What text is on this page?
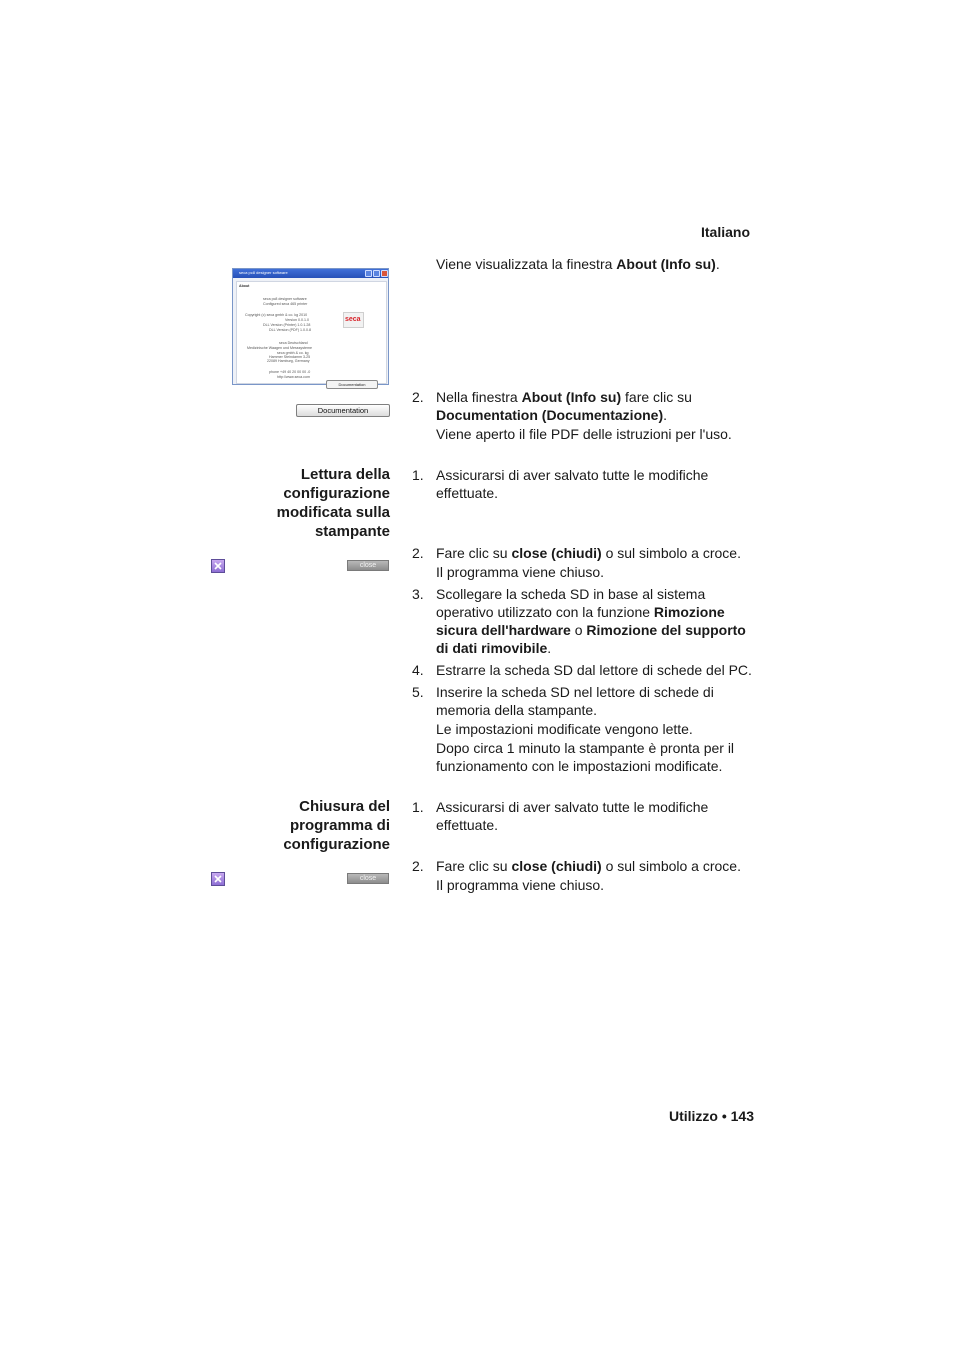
Italiano
seca pc8 designer software
About
seca pc8 designer software
Configured seca 465 printer
Copyright (c) seca gmbh & co. kg 2010
Version 0.0.1.0
DLL Version (Printer) 1.0.1.28
DLL Version (PDF) 1.0.0.8
seca Deutschland
Medizinische Waagen und Messsysteme
seca gmbh & co. kg
Hammer Steindamm 3-25
22089 Hamburg, Germany
phone +49 40 20 00 00 -0
http://www.seca.com
seca
Documentation
Documentation
Viene visualizzata la finestra About (Info su).
2. Nella finestra About (Info su) fare clic su
Documentation (Documentazione).
Viene aperto il file PDF delle istruzioni per l'uso.
Lettura della
configurazione
modificata sulla
stampante
close
1. Assicurarsi di aver salvato tutte le modifiche effettuate.
2. Fare clic su close (chiudi) o sul simbolo a croce.
Il programma viene chiuso.
3. Scollegare la scheda SD in base al sistema operativo utilizzato con la funzione Rimozione sicura dell'hardware o Rimozione del supporto di dati rimovibile.
4. Estrarre la scheda SD dal lettore di schede del PC.
5. Inserire la scheda SD nel lettore di schede di memoria della stampante.
Le impostazioni modificate vengono lette.
Dopo circa 1 minuto la stampante è pronta per il funzionamento con le impostazioni modificate.
Chiusura del
programma di
configurazione
close
1. Assicurarsi di aver salvato tutte le modifiche effettuate.
2. Fare clic su close (chiudi) o sul simbolo a croce.
Il programma viene chiuso.
Utilizzo • 143
